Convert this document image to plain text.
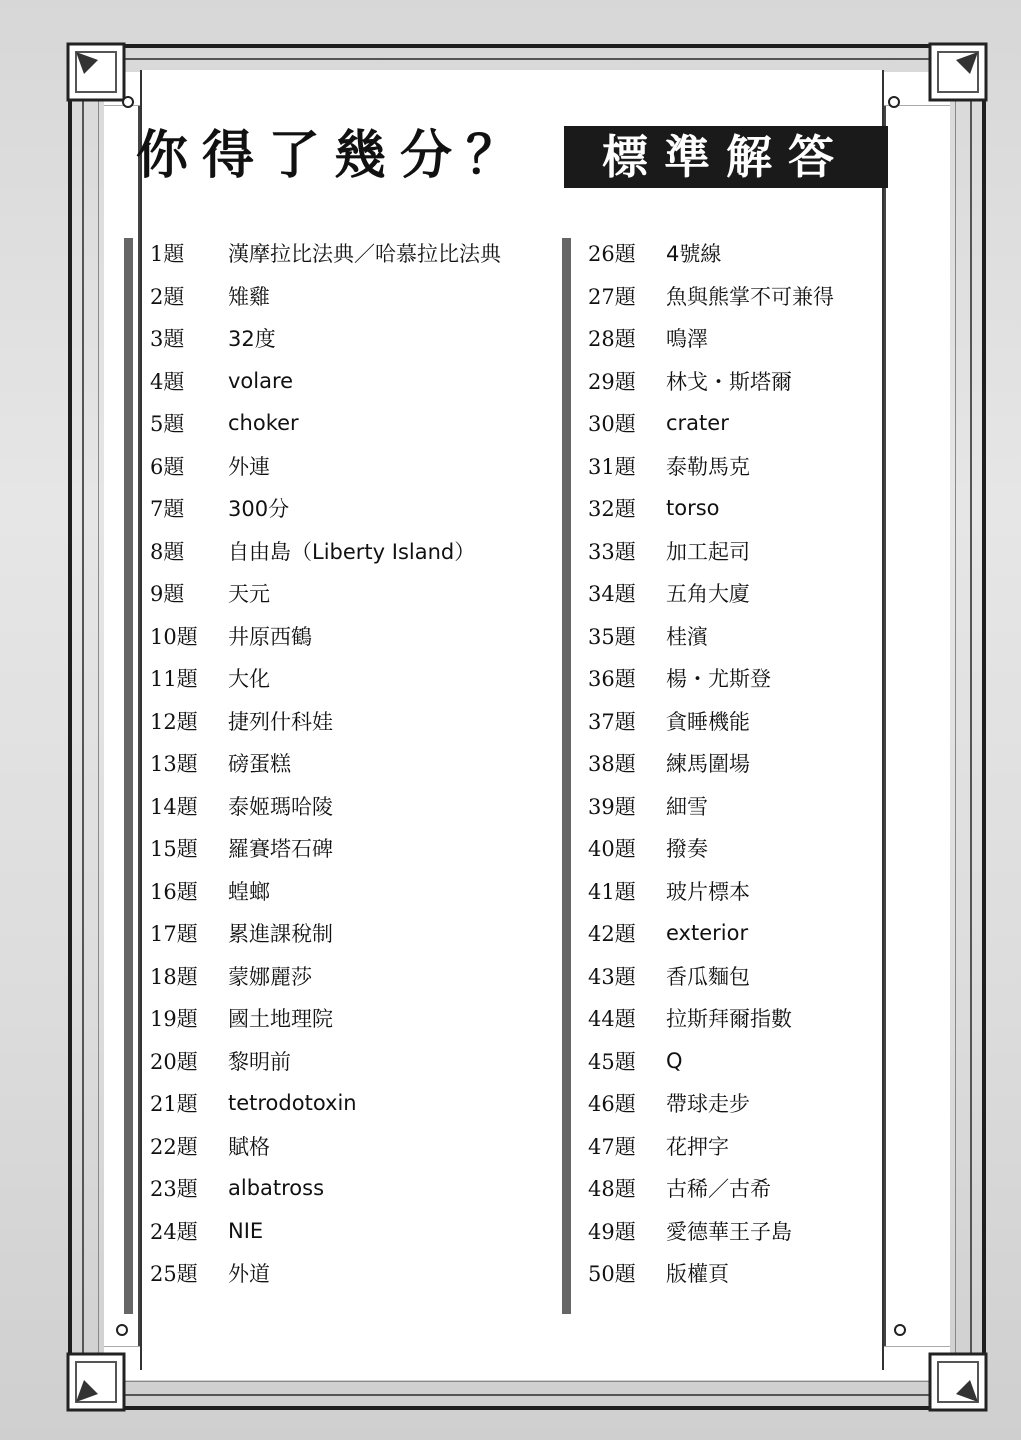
你得了幾分？	標準解答
1題	漢摩拉比法典／哈慕拉比法典
2題	雉雞
3題	32度
4題	volare
5題	choker
6題	外連
7題	300分
8題	自由島（Liberty Island）
9題	天元
10題	井原西鶴
11題	大化
12題	捷列什科娃
13題	磅蛋糕
14題	泰姬瑪哈陵
15題	羅賽塔石碑
16題	蝗螂
17題	累進課稅制
18題	蒙娜麗莎
19題	國土地理院
20題	黎明前
21題	tetrodotoxin
22題	賦格
23題	albatross
24題	NIE
25題	外道
26題	4號線
27題	魚與熊掌不可兼得
28題	鳴澤
29題	林戈・斯塔爾
30題	crater
31題	泰勒馬克
32題	torso
33題	加工起司
34題	五角大廈
35題	桂濱
36題	楊・尤斯登
37題	貪睡機能
38題	練馬圍場
39題	細雪
40題	撥奏
41題	玻片標本
42題	exterior
43題	香瓜麵包
44題	拉斯拜爾指數
45題	Q
46題	帶球走步
47題	花押字
48題	古稀／古希
49題	愛德華王子島
50題	版權頁
